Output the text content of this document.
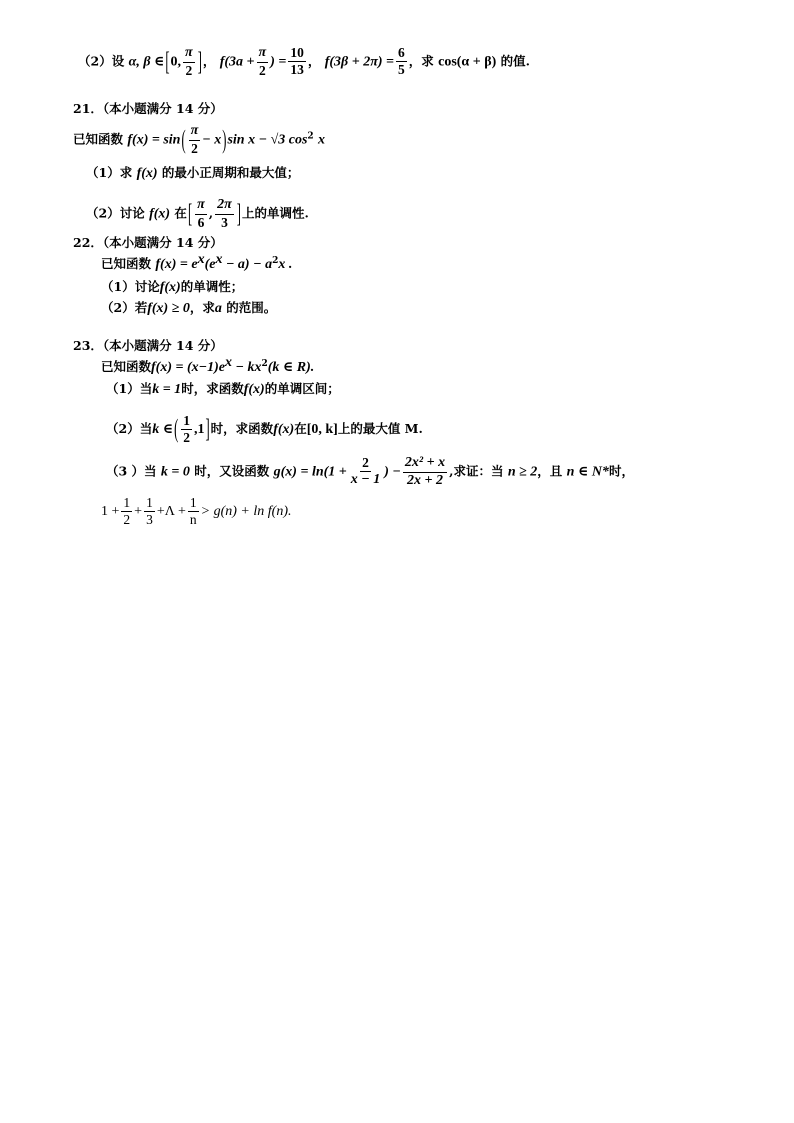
（2）设 α, β ∈[0, $\frac{\pi}{2}$ ]， $f(3a + \frac{\pi}{2}$ ) = $\frac{10}{13}$ ， $f(3\beta + 2\pi) = \frac{6}{5}$ ，求 cos(α + β) 的值.
21．（本小题满分 14 分）
已知函数 $f(x) = \sin( \frac{\pi}{2} - x)\sin$ x − √3 $\cos^2 x$
（1）求 f(x) 的最小正周期和最大值；
（2）讨论 f(x) 在[ $\frac{\pi}{6}$ , $\frac{2\pi}{3}$ ]上的单调性.
22．（本小题满分 14 分）
已知函数 $f(x) = e^x(e^x - a) - a^2x$ .
（1）讨论f(x)的单调性；
（2）若f(x) ≥ 0，求a 的范围。
23．（本小题满分 14 分）
已知函数$f(x) = (x-1)e^x - kx^2(k$ ∈ R).
（1）当k = 1时，求函数f(x)的单调区间；
（2）当k ∈( $\frac{1}{2} ,1$]时，求函数f(x)在[0, k]上的最大值 M.
（3 ）当 k = 0 时，又设函数 $g(x) = \ln(1 + \frac{2}{x - 1}$ ) − $\frac{\text{2x² + x}}{2x + 2}$ ,求证：当 n ≥ 2，且 n ∈ N*时，
$1 + \frac{1}{2} + \frac{1}{3} +\Lambda + \frac{1}{n} > g(n) + \ln f(n)$.
